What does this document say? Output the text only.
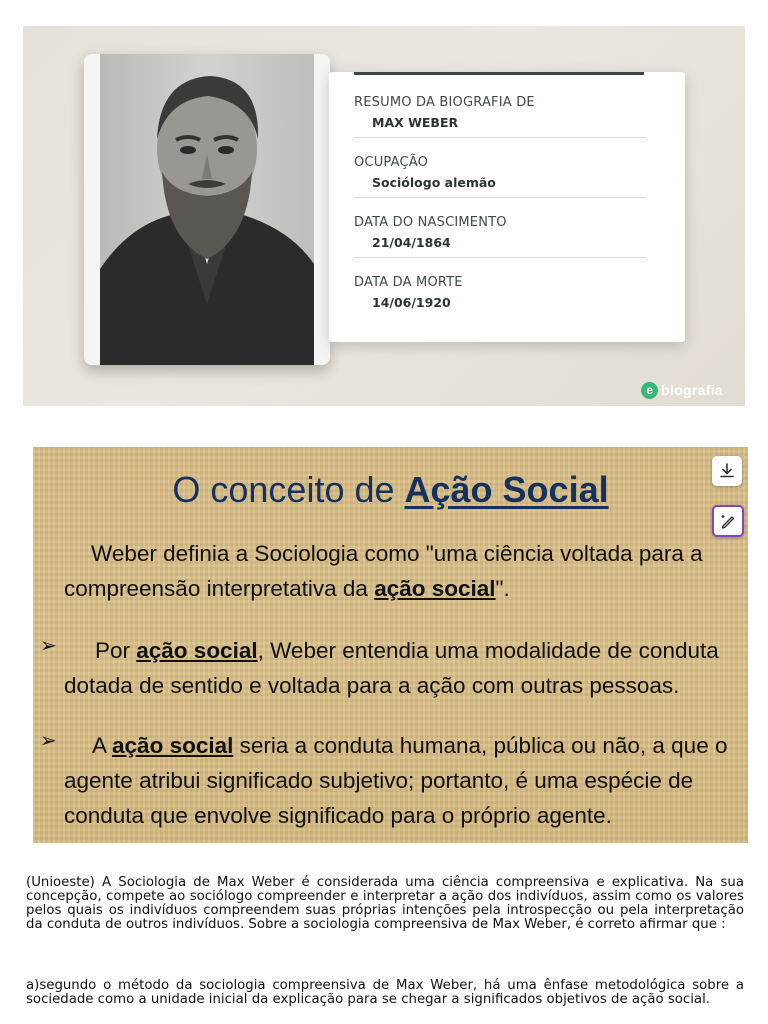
RESUMO DA BIOGRAFIA DE
MAX WEBER
OCUPAÇÃO
Sociólogo alemão
DATA DO NASCIMENTO
21/04/1864
DATA DA MORTE
14/06/1920
e biografia
O conceito de Ação Social
Weber definia a Sociologia como "uma ciência voltada para a
compreensão interpretativa da ação social".
➢	Por ação social, Weber entendia uma modalidade de conduta
dotada de sentido e voltada para a ação com outras pessoas.
➢	A ação social seria a conduta humana, pública ou não, a que o
agente atribui significado subjetivo; portanto, é uma espécie de
conduta que envolve significado para o próprio agente.
(Unioeste) A Sociologia de Max Weber é considerada uma ciência compreensiva e explicativa. Na sua concepção, compete ao sociólogo compreender e interpretar a ação dos indivíduos, assim como os valores pelos quais os indivíduos compreendem suas próprias intenções pela introspecção ou pela interpretação da conduta de outros indivíduos. Sobre a sociologia compreensiva de Max Weber, é correto afirmar que :
a)segundo o método da sociologia compreensiva de Max Weber, há uma ênfase metodológica sobre a sociedade como a unidade inicial da explicação para se chegar a significados objetivos de ação social.
